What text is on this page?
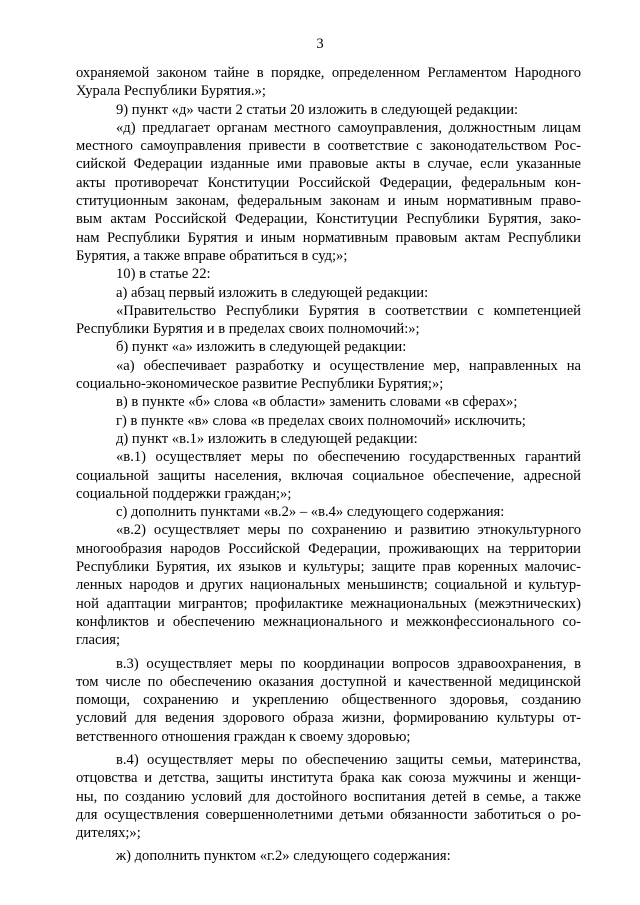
3
охраняемой законом тайне в порядке, определенном Регламентом Народного
Хурала Республики Бурятия.»;
9) пункт «д» части 2 статьи 20 изложить в следующей редакции:
«д) предлагает органам местного самоуправления, должностным лицам
местного самоуправления привести в соответствие с законодательством Рос-
сийской Федерации изданные ими правовые акты в случае, если указанные
акты противоречат Конституции Российской Федерации, федеральным кон-
ституционным законам, федеральным законам и иным нормативным право-
вым актам Российской Федерации, Конституции Республики Бурятия, зако-
нам Республики Бурятия и иным нормативным правовым актам Республики
Бурятия, а также вправе обратиться в суд;»;
10) в статье 22:
а) абзац первый изложить в следующей редакции:
«Правительство Республики Бурятия в соответствии с компетенцией
Республики Бурятия и в пределах своих полномочий:»;
б) пункт «а» изложить в следующей редакции:
«а) обеспечивает разработку и осуществление мер, направленных на
социально-экономическое развитие Республики Бурятия;»;
в) в пункте «б» слова «в области» заменить словами «в сферах»;
г) в пункте «в» слова «в пределах своих полномочий» исключить;
д) пункт «в.1» изложить в следующей редакции:
«в.1) осуществляет меры по обеспечению государственных гарантий
социальной защиты населения, включая социальное обеспечение, адресной
социальной поддержки граждан;»;
с) дополнить пунктами «в.2» – «в.4» следующего содержания:
«в.2) осуществляет меры по сохранению и развитию этнокультурного
многообразия народов Российской Федерации, проживающих на территории
Республики Бурятия, их языков и культуры; защите прав коренных малочис-
ленных народов и других национальных меньшинств; социальной и культур-
ной адаптации мигрантов; профилактике межнациональных (межэтнических)
конфликтов и обеспечению межнационального и межконфессионального со-
гласия;
в.3) осуществляет меры по координации вопросов здравоохранения, в
том числе по обеспечению оказания доступной и качественной медицинской
помощи, сохранению и укреплению общественного здоровья, созданию
условий для ведения здорового образа жизни, формированию культуры от-
ветственного отношения граждан к своему здоровью;
в.4) осуществляет меры по обеспечению защиты семьи, материнства,
отцовства и детства, защиты института брака как союза мужчины и женщи-
ны, по созданию условий для достойного воспитания детей в семье, а также
для осуществления совершеннолетними детьми обязанности заботиться о ро-
дителях;»;
ж) дополнить пунктом «г.2» следующего содержания:
